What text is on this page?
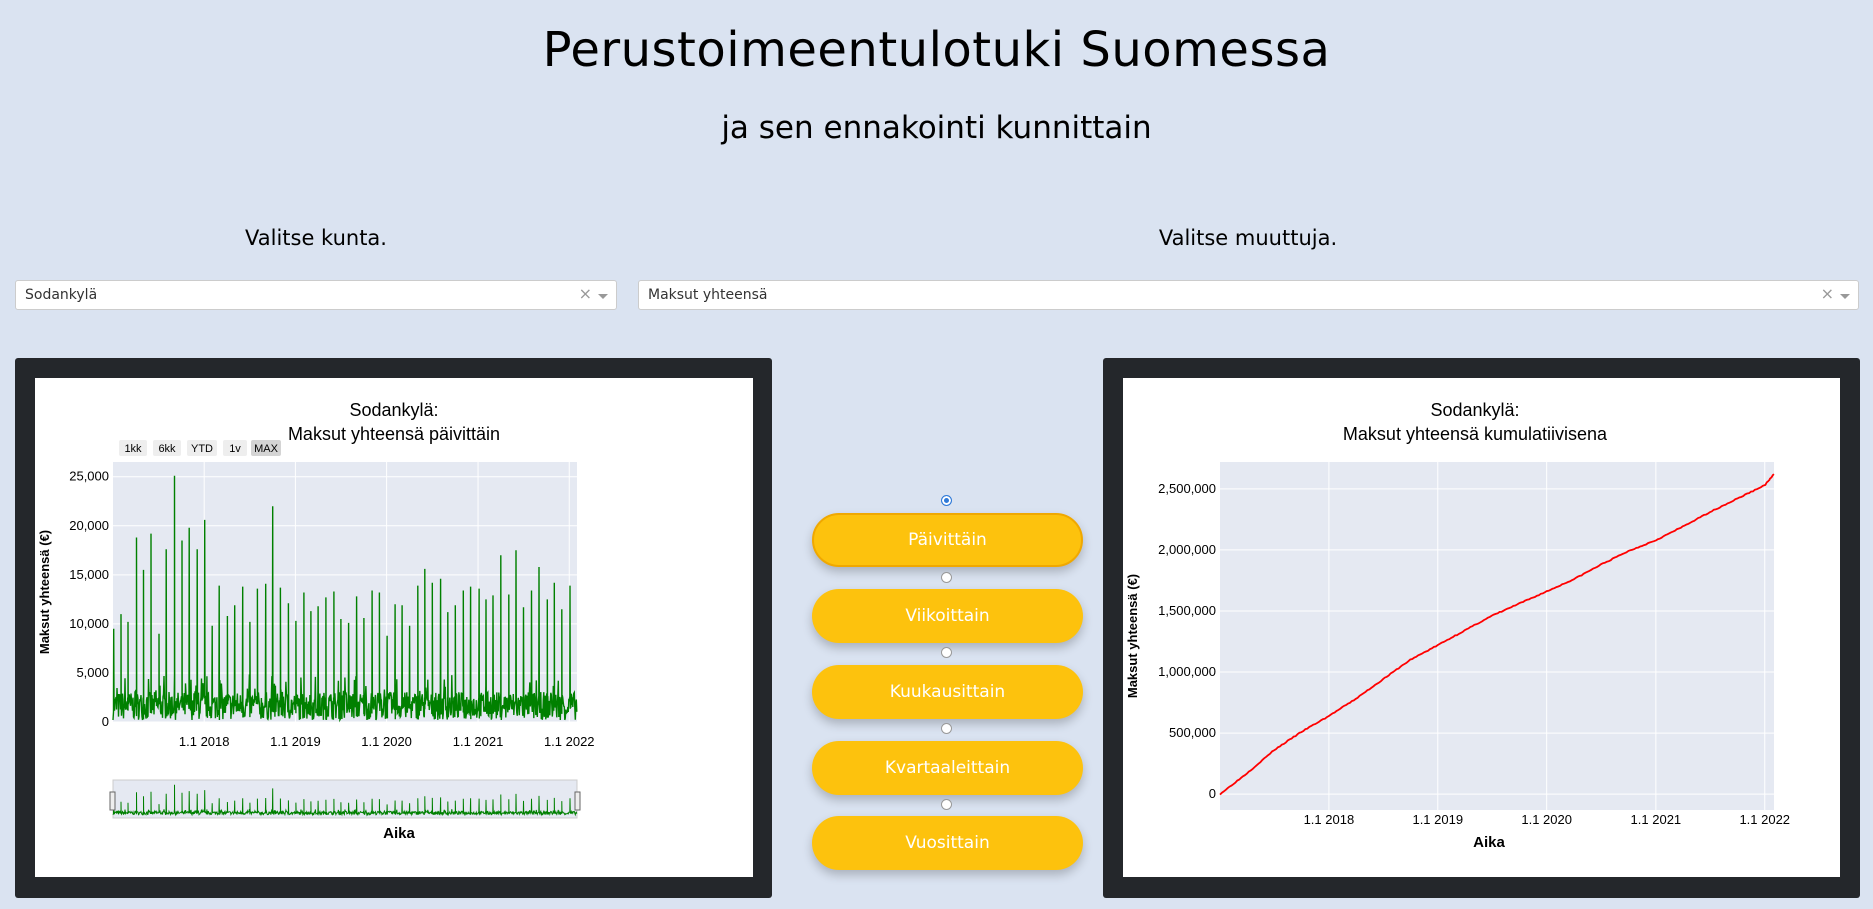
Perustoimeentulotuki Suomessa
ja sen ennakointi kunnittain
Valitse kunta.	Valitse muuttuja.
Sodankylä	×	Maksut yhteensä	×
Sodankylä:
Maksut yhteensä päivittäin
1kk 6kk YTD 1v MAX
0
5,000
10,000
15,000
20,000
25,000
1.1 2018	1.1 2019	1.1 2020	1.1 2021	1.1 2022
Maksut yhteensä (€)
Aika
Päivittäin
Viikoittain
Kuukausittain
Kvartaaleittain
Vuosittain
Sodankylä:
Maksut yhteensä kumulatiivisena
0
500,000
1,000,000
1,500,000
2,000,000
2,500,000
1.1 2018	1.1 2019	1.1 2020	1.1 2021	1.1 2022
Maksut yhteensä (€)
Aika
